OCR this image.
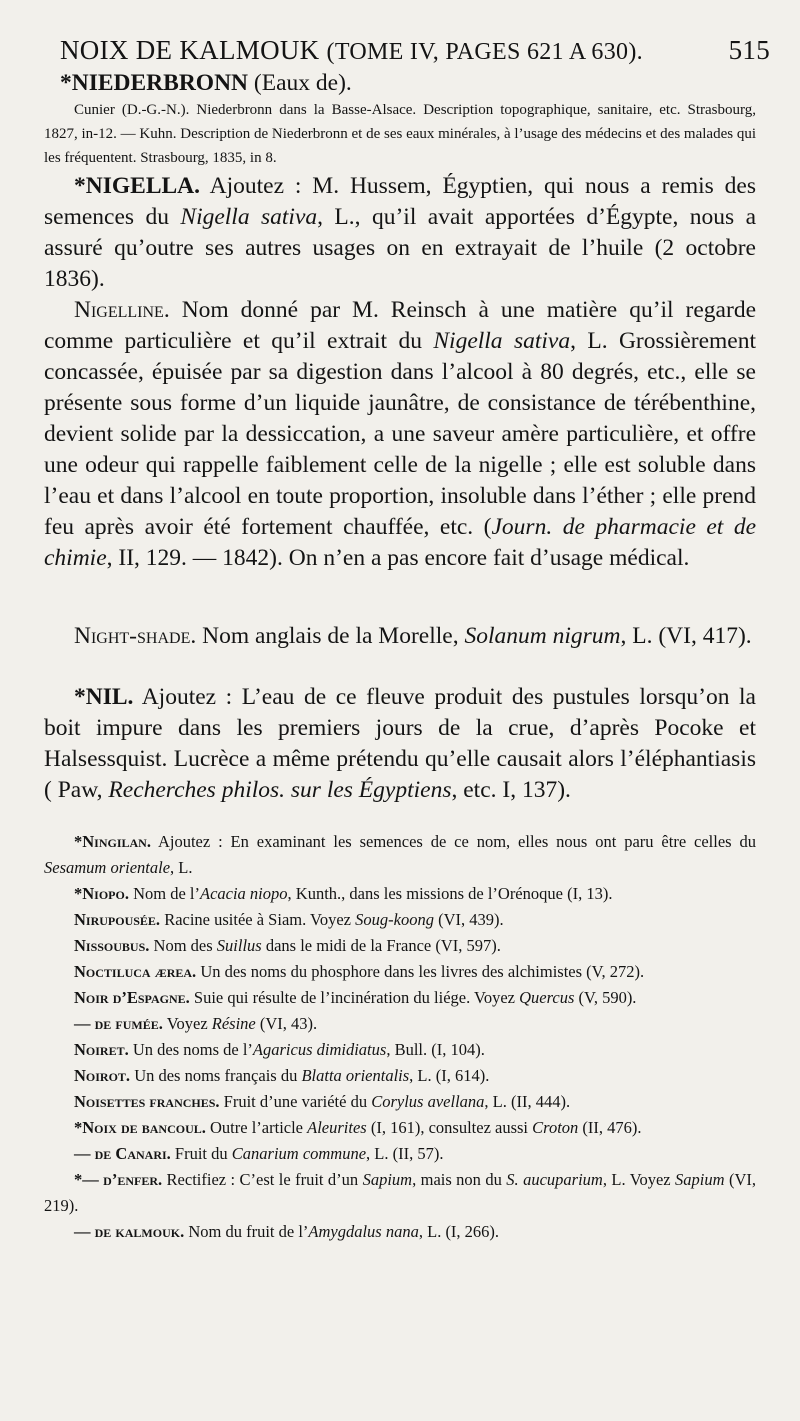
NOIX DE KALMOUK (TOME IV, PAGES 621 A 630).	515
*NIEDERBRONN (Eaux de).

Cunier (D.-G.-N.). Niederbronn dans la Basse-Alsace. Description topographique, sanitaire, etc. Strasbourg, 1827, in-12. — Kuhn. Description de Niederbronn et de ses eaux minérales, à l’usage des médecins et des malades qui les fréquentent. Strasbourg, 1835, in 8.

*NIGELLA. Ajoutez : M. Hussem, Égyptien, qui nous a remis des semences du Nigella sativa, L., qu’il avait apportées d’Égypte, nous a assuré qu’outre ses autres usages on en extrayait de l’huile (2 octobre 1836).

Nigelline. Nom donné par M. Reinsch à une matière qu’il regarde comme particulière et qu’il extrait du Nigella sativa, L. Grossièrement concassée, épuisée par sa digestion dans l’alcool à 80 degrés, etc., elle se présente sous forme d’un liquide jaunâtre, de consistance de térébenthine, devient solide par la dessiccation, a une saveur amère particulière, et offre une odeur qui rappelle faiblement celle de la nigelle ; elle est soluble dans l’eau et dans l’alcool en toute proportion, insoluble dans l’éther ; elle prend feu après avoir été fortement chauffée, etc. (Journ. de pharmacie et de chimie, II, 129. — 1842). On n’en a pas encore fait d’usage médical.

Night-shade. Nom anglais de la Morelle, Solanum nigrum, L. (VI, 417).

*NIL. Ajoutez : L’eau de ce fleuve produit des pustules lorsqu’on la boit impure dans les premiers jours de la crue, d’après Pocoke et Halsessquist. Lucrèce a même prétendu qu’elle causait alors l’éléphantiasis ( Paw, Recherches philos. sur les Égyptiens, etc. I, 137).

*Ningilan. Ajoutez : En examinant les semences de ce nom, elles nous ont paru être celles du Sesamum orientale, L.

*Niopo. Nom de l’Acacia niopo, Kunth., dans les missions de l’Orénoque (I, 13).

Nirupousée. Racine usitée à Siam. Voyez Soug-koong (VI, 439).

Nissoubus. Nom des Suillus dans le midi de la France (VI, 597).

Noctiluca ærea. Un des noms du phosphore dans les livres des alchimistes (V, 272).

Noir d’Espagne. Suie qui résulte de l’incinération du liége. Voyez Quercus (V, 590).

— de fumée. Voyez Résine (VI, 43).

Noiret. Un des noms de l’Agaricus dimidiatus, Bull. (I, 104).

Noirot. Un des noms français du Blatta orientalis, L. (I, 614).

Noisettes franches. Fruit d’une variété du Corylus avellana, L. (II, 444).

*Noix de bancoul. Outre l’article Aleurites (I, 161), consultez aussi Croton (II, 476).

— de Canari. Fruit du Canarium commune, L. (II, 57).

*— d’enfer. Rectifiez : C’est le fruit d’un Sapium, mais non du S. aucuparium, L. Voyez Sapium (VI, 219).

— de kalmouk. Nom du fruit de l’Amygdalus nana, L. (I, 266).
